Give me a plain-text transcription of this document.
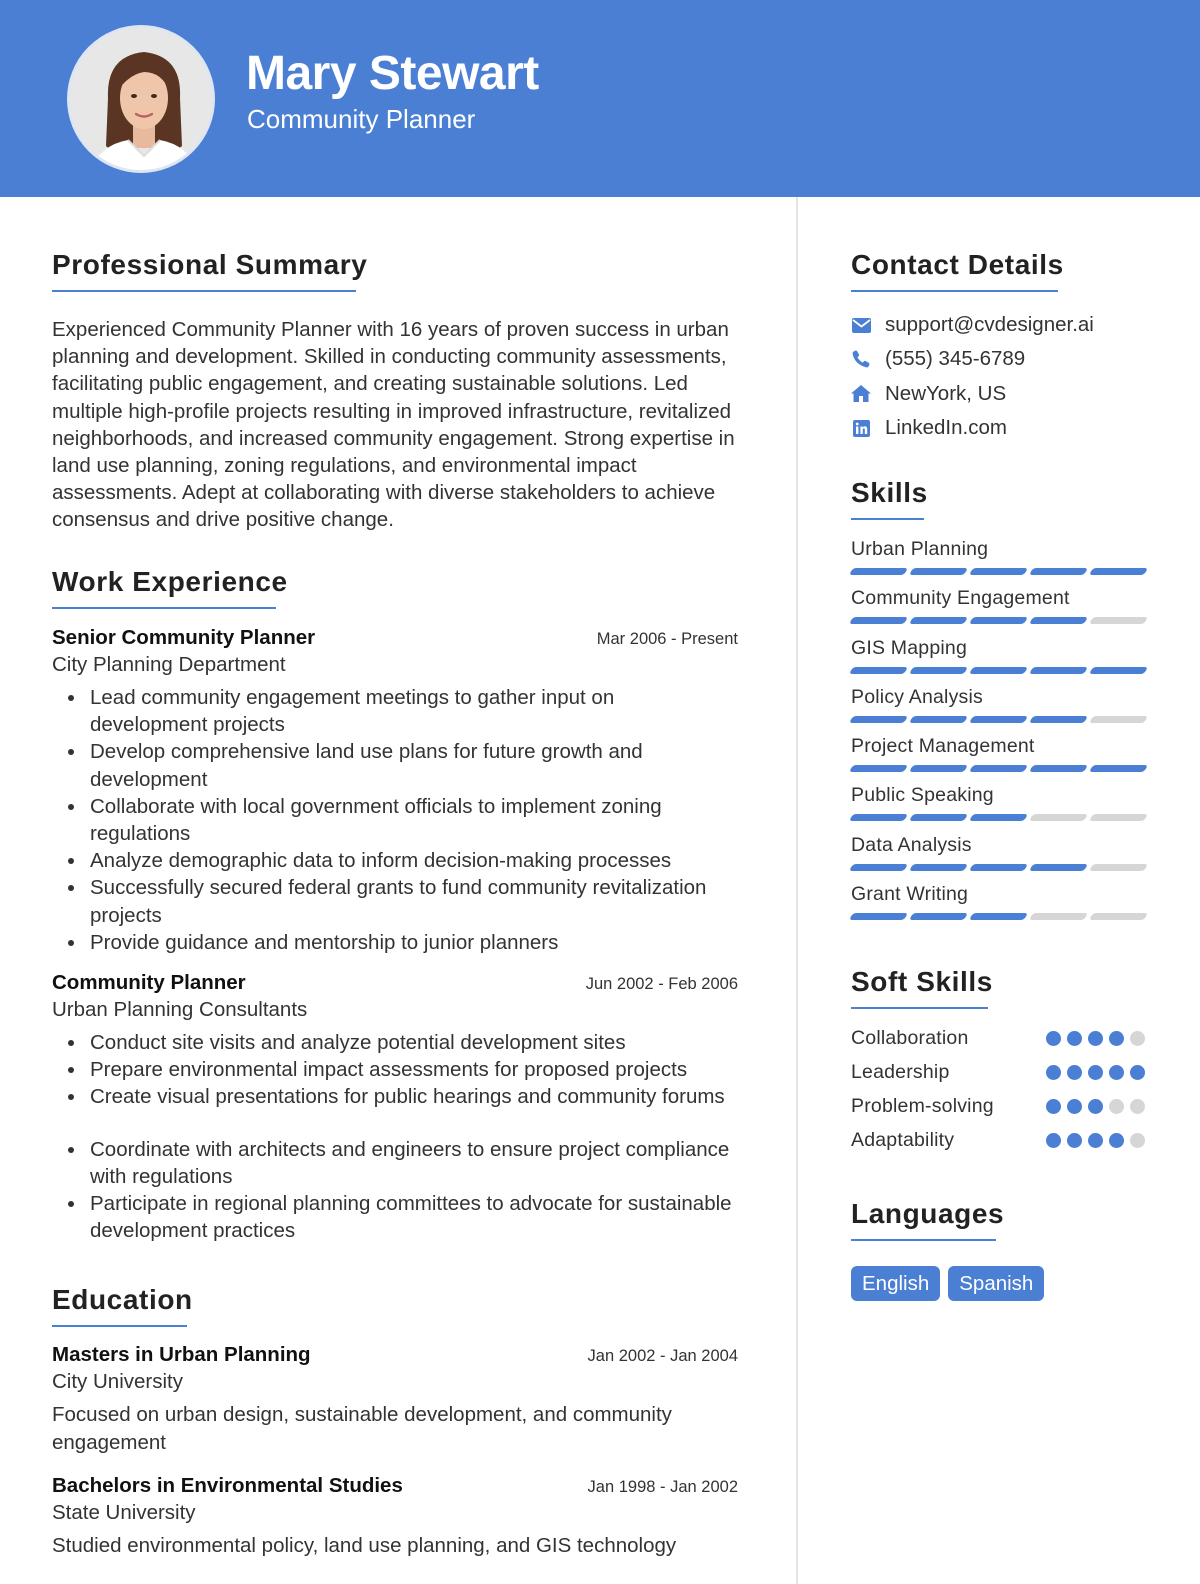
Mary Stewart
Community Planner
Professional Summary

Experienced Community Planner with 16 years of proven success in urban planning and development. Skilled in conducting community assessments, facilitating public engagement, and creating sustainable solutions. Led multiple high-profile projects resulting in improved infrastructure, revitalized neighborhoods, and increased community engagement. Strong expertise in land use planning, zoning regulations, and environmental impact assessments. Adept at collaborating with diverse stakeholders to achieve consensus and drive positive change.

Work Experience
Senior Community Planner	Mar 2006 - Present
City Planning Department
Lead community engagement meetings to gather input on development projects
Develop comprehensive land use plans for future growth and development
Collaborate with local government officials to implement zoning regulations
Analyze demographic data to inform decision-making processes
Successfully secured federal grants to fund community revitalization projects
Provide guidance and mentorship to junior planners
Community Planner	Jun 2002 - Feb 2006
Urban Planning Consultants
Conduct site visits and analyze potential development sites
Prepare environmental impact assessments for proposed projects
Create visual presentations for public hearings and community forums
Coordinate with architects and engineers to ensure project compliance with regulations
Participate in regional planning committees to advocate for sustainable development practices
Education
Masters in Urban Planning	Jan 2002 - Jan 2004
City University
Focused on urban design, sustainable development, and community engagement
Bachelors in Environmental Studies	Jan 1998 - Jan 2002
State University
Studied environmental policy, land use planning, and GIS technology
Contact Details
support@cvdesigner.ai
(555) 345-6789
NewYork, US
LinkedIn.com
Skills
Urban Planning
Community Engagement
GIS Mapping
Policy Analysis
Project Management
Public Speaking
Data Analysis
Grant Writing
Soft Skills
Collaboration
Leadership
Problem-solving
Adaptability
Languages
English	Spanish
